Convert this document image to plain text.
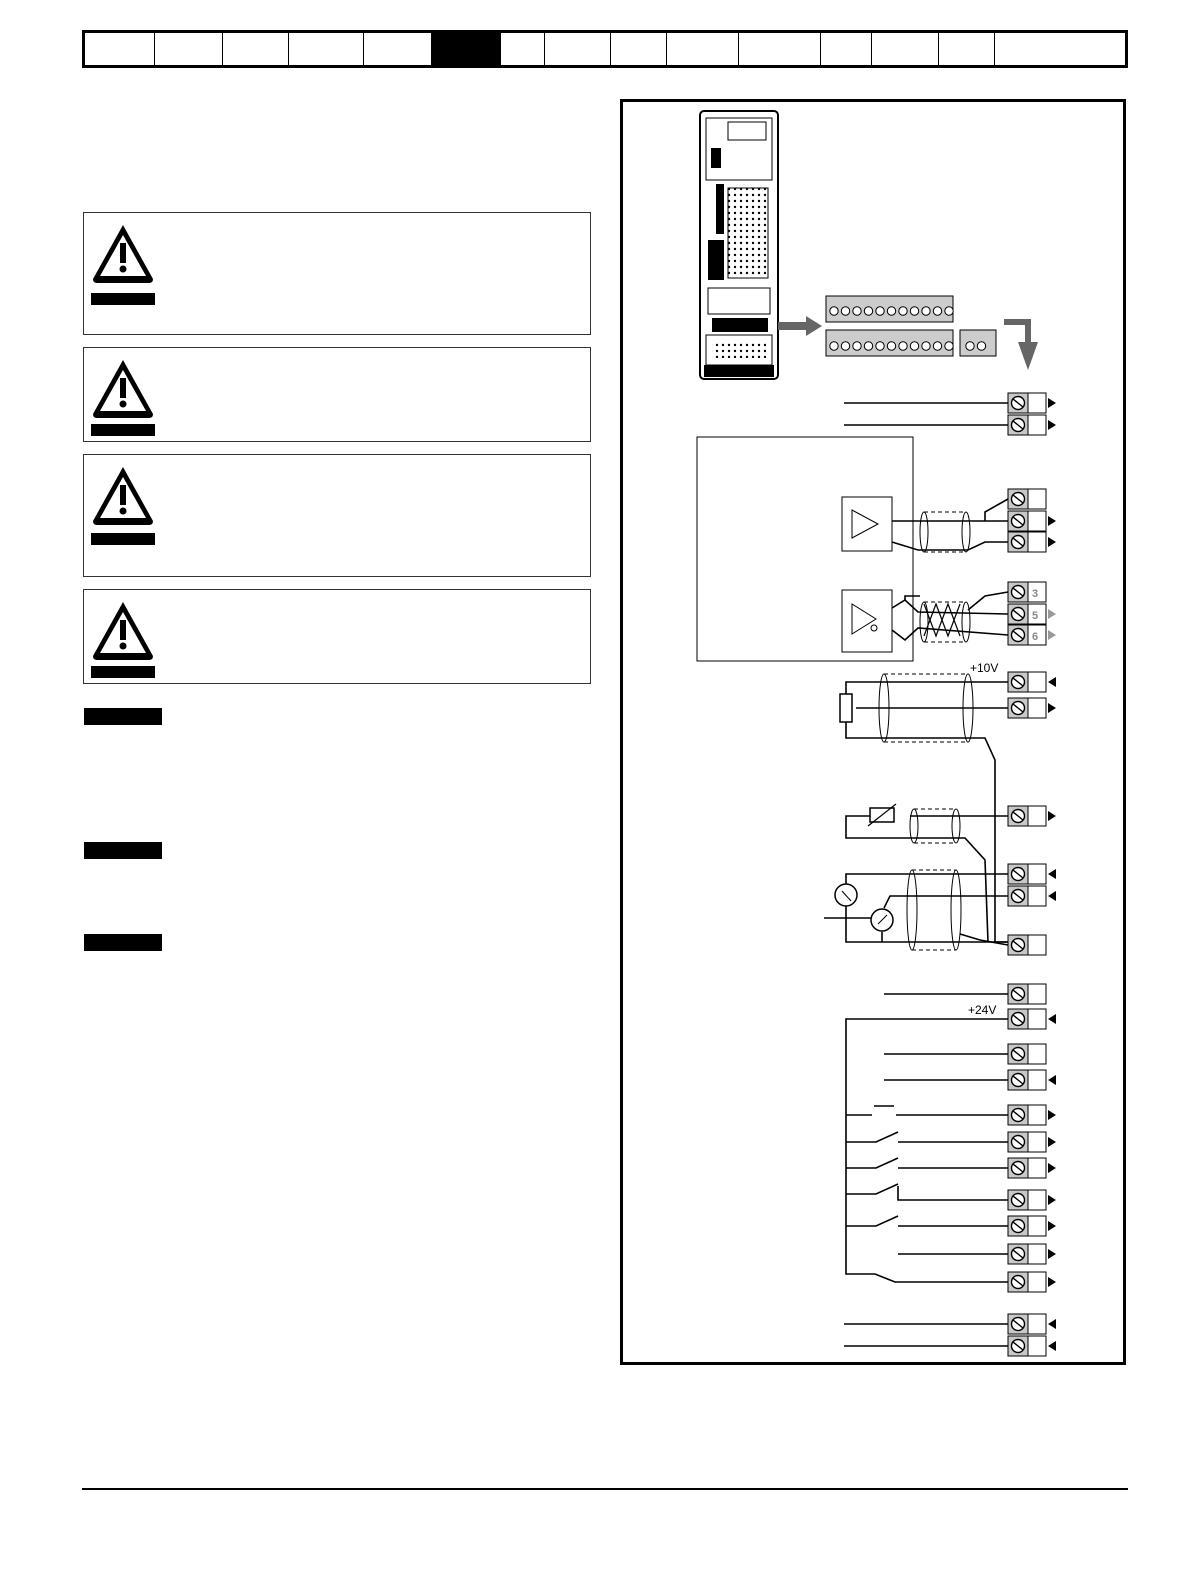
+10V
+24V
3
5
6
